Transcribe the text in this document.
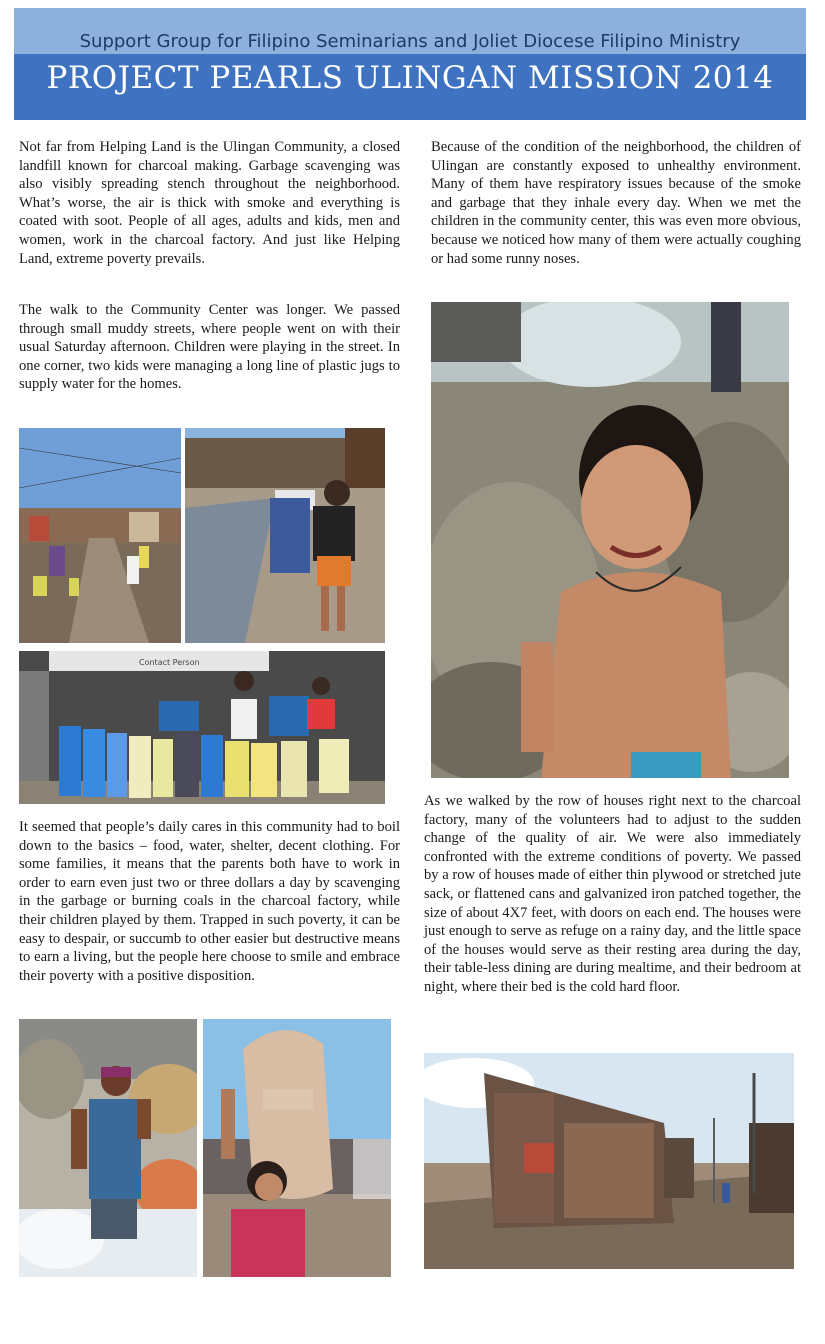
Support Group for Filipino Seminarians and Joliet Diocese Filipino Ministry
PROJECT PEARLS ULINGAN MISSION 2014

Not far from Helping Land is the Ulingan Community, a closed landfill known for charcoal making. Garbage scavenging was also visibly spreading stench throughout the neighborhood. What’s worse, the air is thick with smoke and everything is coated with soot. People of all ages, adults and kids, men and women, work in the charcoal factory. And just like Helping Land, extreme poverty prevails.

The walk to the Community Center was longer. We passed through small muddy streets, where people went on with their usual Saturday afternoon. Children were playing in the street. In one corner, two kids were managing a long line of plastic jugs to supply water for the homes.

Contact Person

It seemed that people’s daily cares in this community had to boil down to the basics – food, water, shelter, decent clothing. For some families, it means that the parents both have to work in order to earn even just two or three dollars a day by scavenging in the garbage or burning coals in the charcoal factory, while their children played by them. Trapped in such poverty, it can be easy to despair, or succumb to other easier but destructive means to earn a living, but the people here choose to smile and embrace their poverty with a positive disposition.

Because of the condition of the neighborhood, the children of Ulingan are constantly exposed to unhealthy environment. Many of them have respiratory issues because of the smoke and garbage that they inhale every day. When we met the children in the community center, this was even more obvious, because we noticed how many of them were actually coughing or had some runny noses.

As we walked by the row of houses right next to the charcoal factory, many of the volunteers had to adjust to the sudden change of the quality of air. We were also immediately confronted with the extreme conditions of poverty. We passed by a row of houses made of either thin plywood or stretched jute sack, or flattened cans and galvanized iron patched together, the size of about 4X7 feet, with doors on each end. The houses were just enough to serve as refuge on a rainy day, and the little space of the houses would serve as their resting area during the day, their table-less dining are during mealtime, and their bedroom at night, where their bed is the cold hard floor.
